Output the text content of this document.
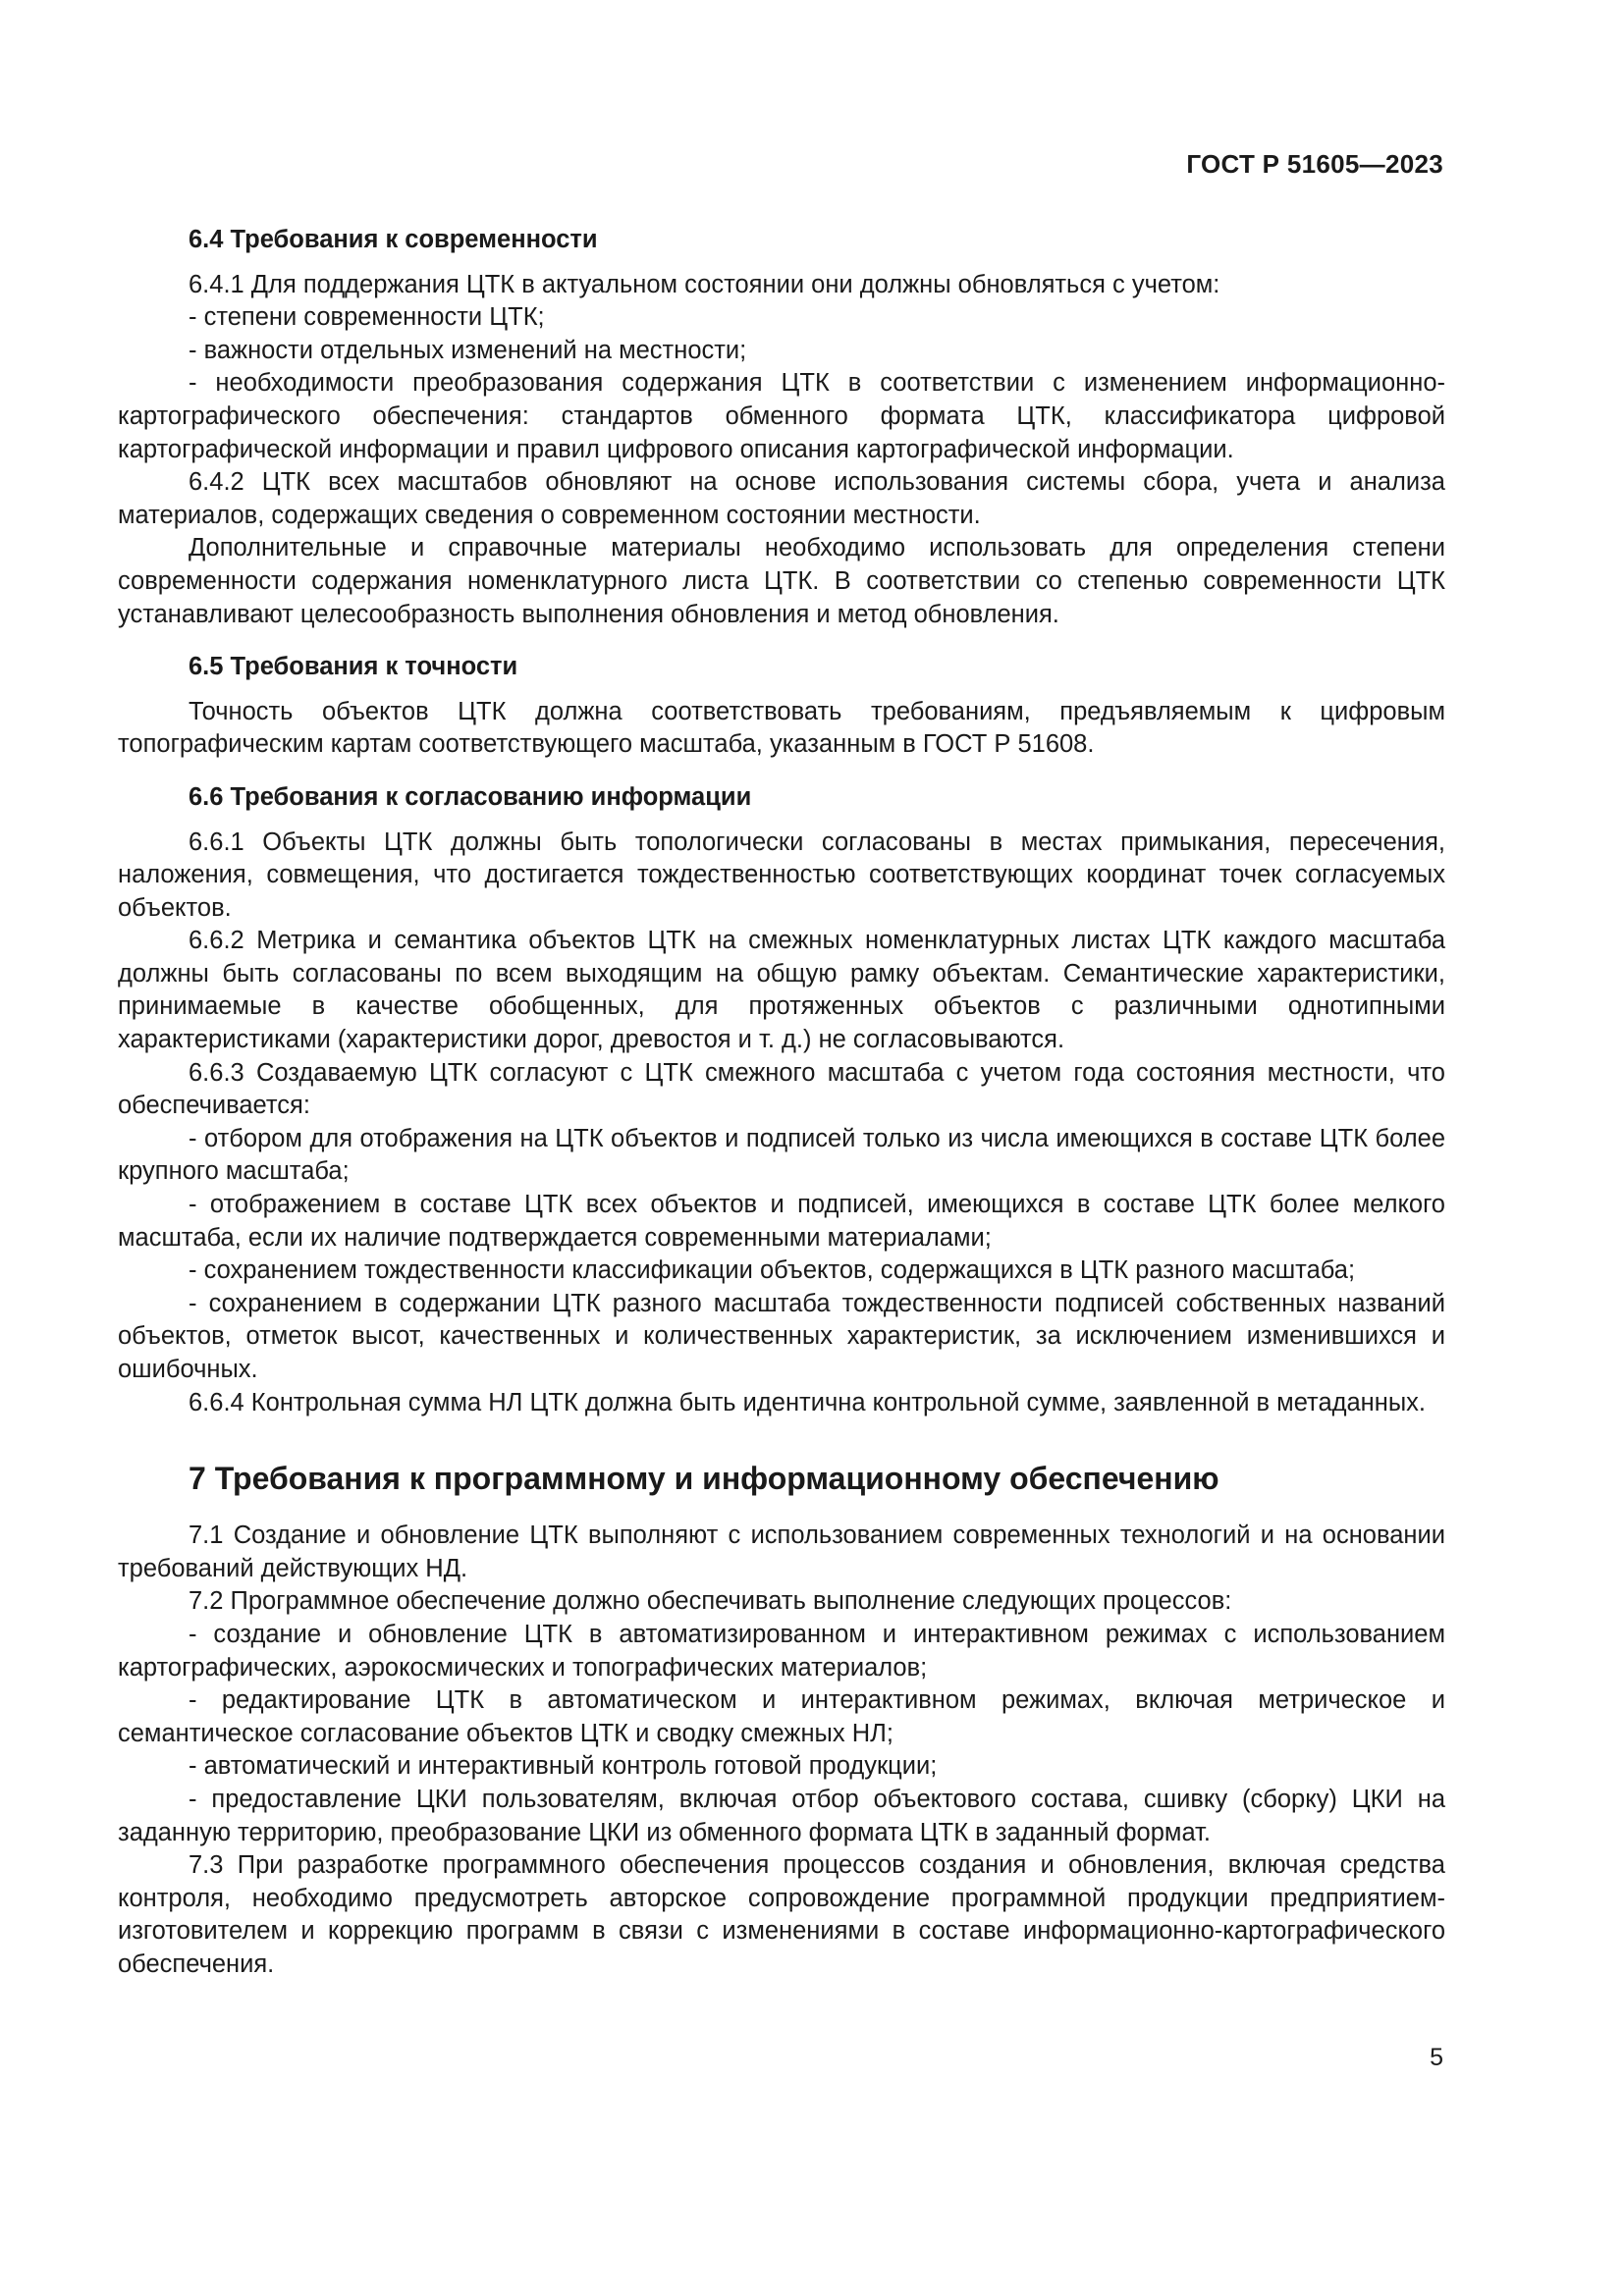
ГОСТ Р 51605—2023
6.4 Требования к современности

6.4.1 Для поддержания ЦТК в актуальном состоянии они должны обновляться с учетом:

- степени современности ЦТК;

- важности отдельных изменений на местности;

- необходимости преобразования содержания ЦТК в соответствии с изменением информационно-картографического обеспечения: стандартов обменного формата ЦТК, классификатора цифровой картографической информации и правил цифрового описания картографической информации.

6.4.2 ЦТК всех масштабов обновляют на основе использования системы сбора, учета и анализа материалов, содержащих сведения о современном состоянии местности.

Дополнительные и справочные материалы необходимо использовать для определения степени современности содержания номенклатурного листа ЦТК. В соответствии со степенью современности ЦТК устанавливают целесообразность выполнения обновления и метод обновления.

6.5 Требования к точности

Точность объектов ЦТК должна соответствовать требованиям, предъявляемым к цифровым топографическим картам соответствующего масштаба, указанным в ГОСТ Р 51608.

6.6 Требования к согласованию информации

6.6.1 Объекты ЦТК должны быть топологически согласованы в местах примыкания, пересечения, наложения, совмещения, что достигается тождественностью соответствующих координат точек согласуемых объектов.

6.6.2 Метрика и семантика объектов ЦТК на смежных номенклатурных листах ЦТК каждого масштаба должны быть согласованы по всем выходящим на общую рамку объектам. Семантические характеристики, принимаемые в качестве обобщенных, для протяженных объектов с различными однотипными характеристиками (характеристики дорог, древостоя и т. д.) не согласовываются.

6.6.3 Создаваемую ЦТК согласуют с ЦТК смежного масштаба с учетом года состояния местности, что обеспечивается:

- отбором для отображения на ЦТК объектов и подписей только из числа имеющихся в составе ЦТК более крупного масштаба;

- отображением в составе ЦТК всех объектов и подписей, имеющихся в составе ЦТК более мелкого масштаба, если их наличие подтверждается современными материалами;

- сохранением тождественности классификации объектов, содержащихся в ЦТК разного масштаба;

- сохранением в содержании ЦТК разного масштаба тождественности подписей собственных названий объектов, отметок высот, качественных и количественных характеристик, за исключением изменившихся и ошибочных.

6.6.4 Контрольная сумма НЛ ЦТК должна быть идентична контрольной сумме, заявленной в метаданных.

7 Требования к программному и информационному обеспечению

7.1 Создание и обновление ЦТК выполняют с использованием современных технологий и на основании требований действующих НД.

7.2 Программное обеспечение должно обеспечивать выполнение следующих процессов:

- создание и обновление ЦТК в автоматизированном и интерактивном режимах с использованием картографических, аэрокосмических и топографических материалов;

- редактирование ЦТК в автоматическом и интерактивном режимах, включая метрическое и семантическое согласование объектов ЦТК и сводку смежных НЛ;

- автоматический и интерактивный контроль готовой продукции;

- предоставление ЦКИ пользователям, включая отбор объектового состава, сшивку (сборку) ЦКИ на заданную территорию, преобразование ЦКИ из обменного формата ЦТК в заданный формат.

7.3 При разработке программного обеспечения процессов создания и обновления, включая средства контроля, необходимо предусмотреть авторское сопровождение программной продукции предприятием-изготовителем и коррекцию программ в связи с изменениями в составе информационно-картографического обеспечения.

5
